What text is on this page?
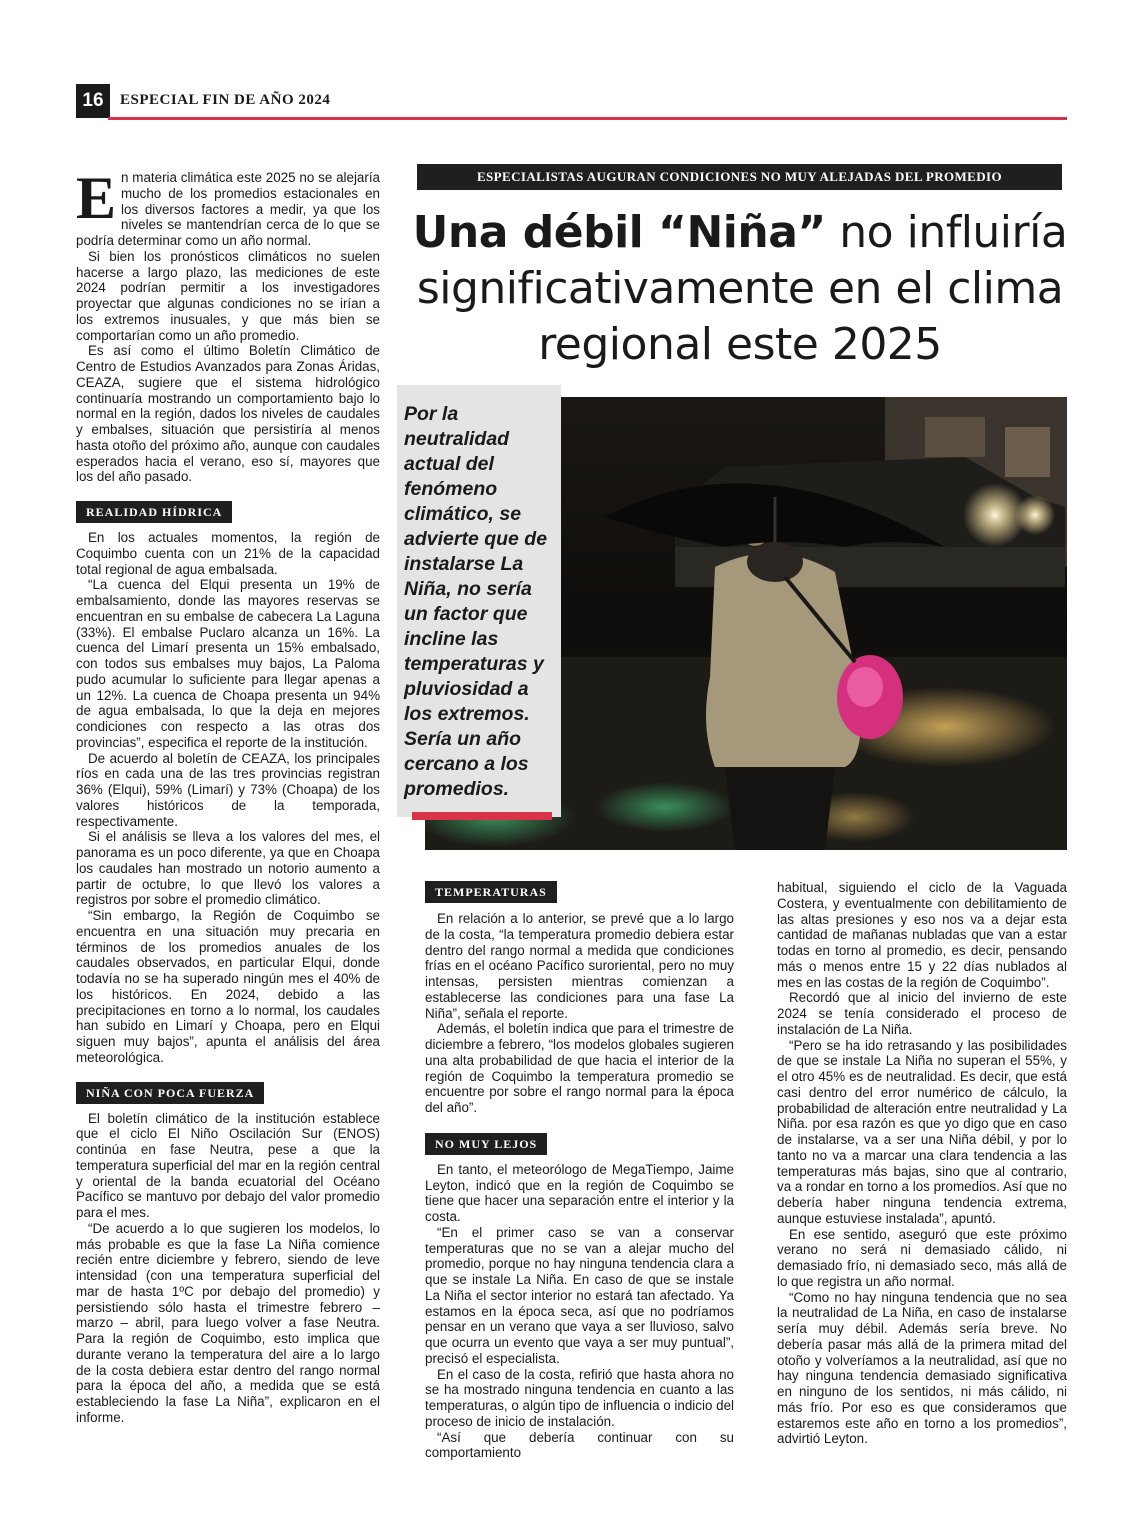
16	ESPECIAL FIN DE AÑO 2024

En materia climática este 2025 no se alejaría mucho de los promedios estacionales en los diversos factores a medir, ya que los niveles se mantendrían cerca de lo que se podría determinar como un año normal.

Si bien los pronósticos climáticos no suelen hacerse a largo plazo, las mediciones de este 2024 podrían permitir a los investigadores proyectar que algunas condiciones no se irían a los extremos inusuales, y que más bien se comportarían como un año promedio.

Es así como el último Boletín Climático de Centro de Estudios Avanzados para Zonas Áridas, CEAZA, sugiere que el sistema hidrológico continuaría mostrando un comportamiento bajo lo normal en la región, dados los niveles de caudales y embalses, situación que persistiría al menos hasta otoño del próximo año, aunque con caudales esperados hacia el verano, eso sí, mayores que los del año pasado.

REALIDAD HÍDRICA

En los actuales momentos, la región de Coquimbo cuenta con un 21% de la capacidad total regional de agua embalsada.

“La cuenca del Elqui presenta un 19% de embalsamiento, donde las mayores reservas se encuentran en su embalse de cabecera La Laguna (33%). El embalse Puclaro alcanza un 16%. La cuenca del Limarí presenta un 15% embalsado, con todos sus embalses muy bajos, La Paloma pudo acumular lo suficiente para llegar apenas a un 12%. La cuenca de Choapa presenta un 94% de agua embalsada, lo que la deja en mejores condiciones con respecto a las otras dos provincias”, especifica el reporte de la institución.

De acuerdo al boletín de CEAZA, los principales ríos en cada una de las tres provincias registran 36% (Elqui), 59% (Limarí) y 73% (Choapa) de los valores históricos de la temporada, respectivamente.

Si el análisis se lleva a los valores del mes, el panorama es un poco diferente, ya que en Choapa los caudales han mostrado un notorio aumento a partir de octubre, lo que llevó los valores a registros por sobre el promedio climático.

“Sin embargo, la Región de Coquimbo se encuentra en una situación muy precaria en términos de los promedios anuales de los caudales observados, en particular Elqui, donde todavía no se ha superado ningún mes el 40% de los históricos. En 2024, debido a las precipitaciones en torno a lo normal, los caudales han subido en Limarí y Choapa, pero en Elqui siguen muy bajos”, apunta el análisis del área meteorológica.

NIÑA CON POCA FUERZA

El boletín climático de la institución establece que el ciclo El Niño Oscilación Sur (ENOS) continúa en fase Neutra, pese a que la temperatura superficial del mar en la región central y oriental de la banda ecuatorial del Océano Pacífico se mantuvo por debajo del valor promedio para el mes.

“De acuerdo a lo que sugieren los modelos, lo más probable es que la fase La Niña comience recién entre diciembre y febrero, siendo de leve intensidad (con una temperatura superficial del mar de hasta 1ºC por debajo del promedio) y persistiendo sólo hasta el trimestre febrero – marzo – abril, para luego volver a fase Neutra. Para la región de Coquimbo, esto implica que durante verano la temperatura del aire a lo largo de la costa debiera estar dentro del rango normal para la época del año, a medida que se está estableciendo la fase La Niña”, explicaron en el informe.

ESPECIALISTAS AUGURAN CONDICIONES NO MUY ALEJADAS DEL PROMEDIO
Una débil “Niña” no influiría significativamente en el clima regional este 2025
Por la neutralidad actual del fenómeno climático, se advierte que de instalarse La Niña, no sería un factor que incline las temperaturas y pluviosidad a los extremos. Sería un año cercano a los promedios.
TEMPERATURAS

En relación a lo anterior, se prevé que a lo largo de la costa, “la temperatura promedio debiera estar dentro del rango normal a medida que condiciones frías en el océano Pacífico suroriental, pero no muy intensas, persisten mientras comienzan a establecerse las condiciones para una fase La Niña”, señala el reporte.

Además, el boletín indica que para el trimestre de diciembre a febrero, “los modelos globales sugieren una alta probabilidad de que hacia el interior de la región de Coquimbo la temperatura promedio se encuentre por sobre el rango normal para la época del año”.

NO MUY LEJOS

En tanto, el meteorólogo de MegaTiempo, Jaime Leyton, indicó que en la región de Coquimbo se tiene que hacer una separación entre el interior y la costa.

“En el primer caso se van a conservar temperaturas que no se van a alejar mucho del promedio, porque no hay ninguna tendencia clara a que se instale La Niña. En caso de que se instale La Niña el sector interior no estará tan afectado. Ya estamos en la época seca, así que no podríamos pensar en un verano que vaya a ser lluvioso, salvo que ocurra un evento que vaya a ser muy puntual”, precisó el especialista.

En el caso de la costa, refirió que hasta ahora no se ha mostrado ninguna tendencia en cuanto a las temperaturas, o algún tipo de influencia o indicio del proceso de inicio de instalación.

“Así que debería continuar con su comportamiento

habitual, siguiendo el ciclo de la Vaguada Costera, y eventualmente con debilitamiento de las altas presiones y eso nos va a dejar esta cantidad de mañanas nubladas que van a estar todas en torno al promedio, es decir, pensando más o menos entre 15 y 22 días nublados al mes en las costas de la región de Coquimbo”.

Recordó que al inicio del invierno de este 2024 se tenía considerado el proceso de instalación de La Niña.

“Pero se ha ido retrasando y las posibilidades de que se instale La Niña no superan el 55%, y el otro 45% es de neutralidad. Es decir, que está casi dentro del error numérico de cálculo, la probabilidad de alteración entre neutralidad y La Niña. por esa razón es que yo digo que en caso de instalarse, va a ser una Niña débil, y por lo tanto no va a marcar una clara tendencia a las temperaturas más bajas, sino que al contrario, va a rondar en torno a los promedios. Así que no debería haber ninguna tendencia extrema, aunque estuviese instalada”, apuntó.

En ese sentido, aseguró que este próximo verano no será ni demasiado cálido, ni demasiado frío, ni demasiado seco, más allá de lo que registra un año normal.

“Como no hay ninguna tendencia que no sea la neutralidad de La Niña, en caso de instalarse sería muy débil. Además sería breve. No debería pasar más allá de la primera mitad del otoño y volveríamos a la neutralidad, así que no hay ninguna tendencia demasiado significativa en ninguno de los sentidos, ni más cálido, ni más frío. Por eso es que consideramos que estaremos este año en torno a los promedios”, advirtió Leyton.
